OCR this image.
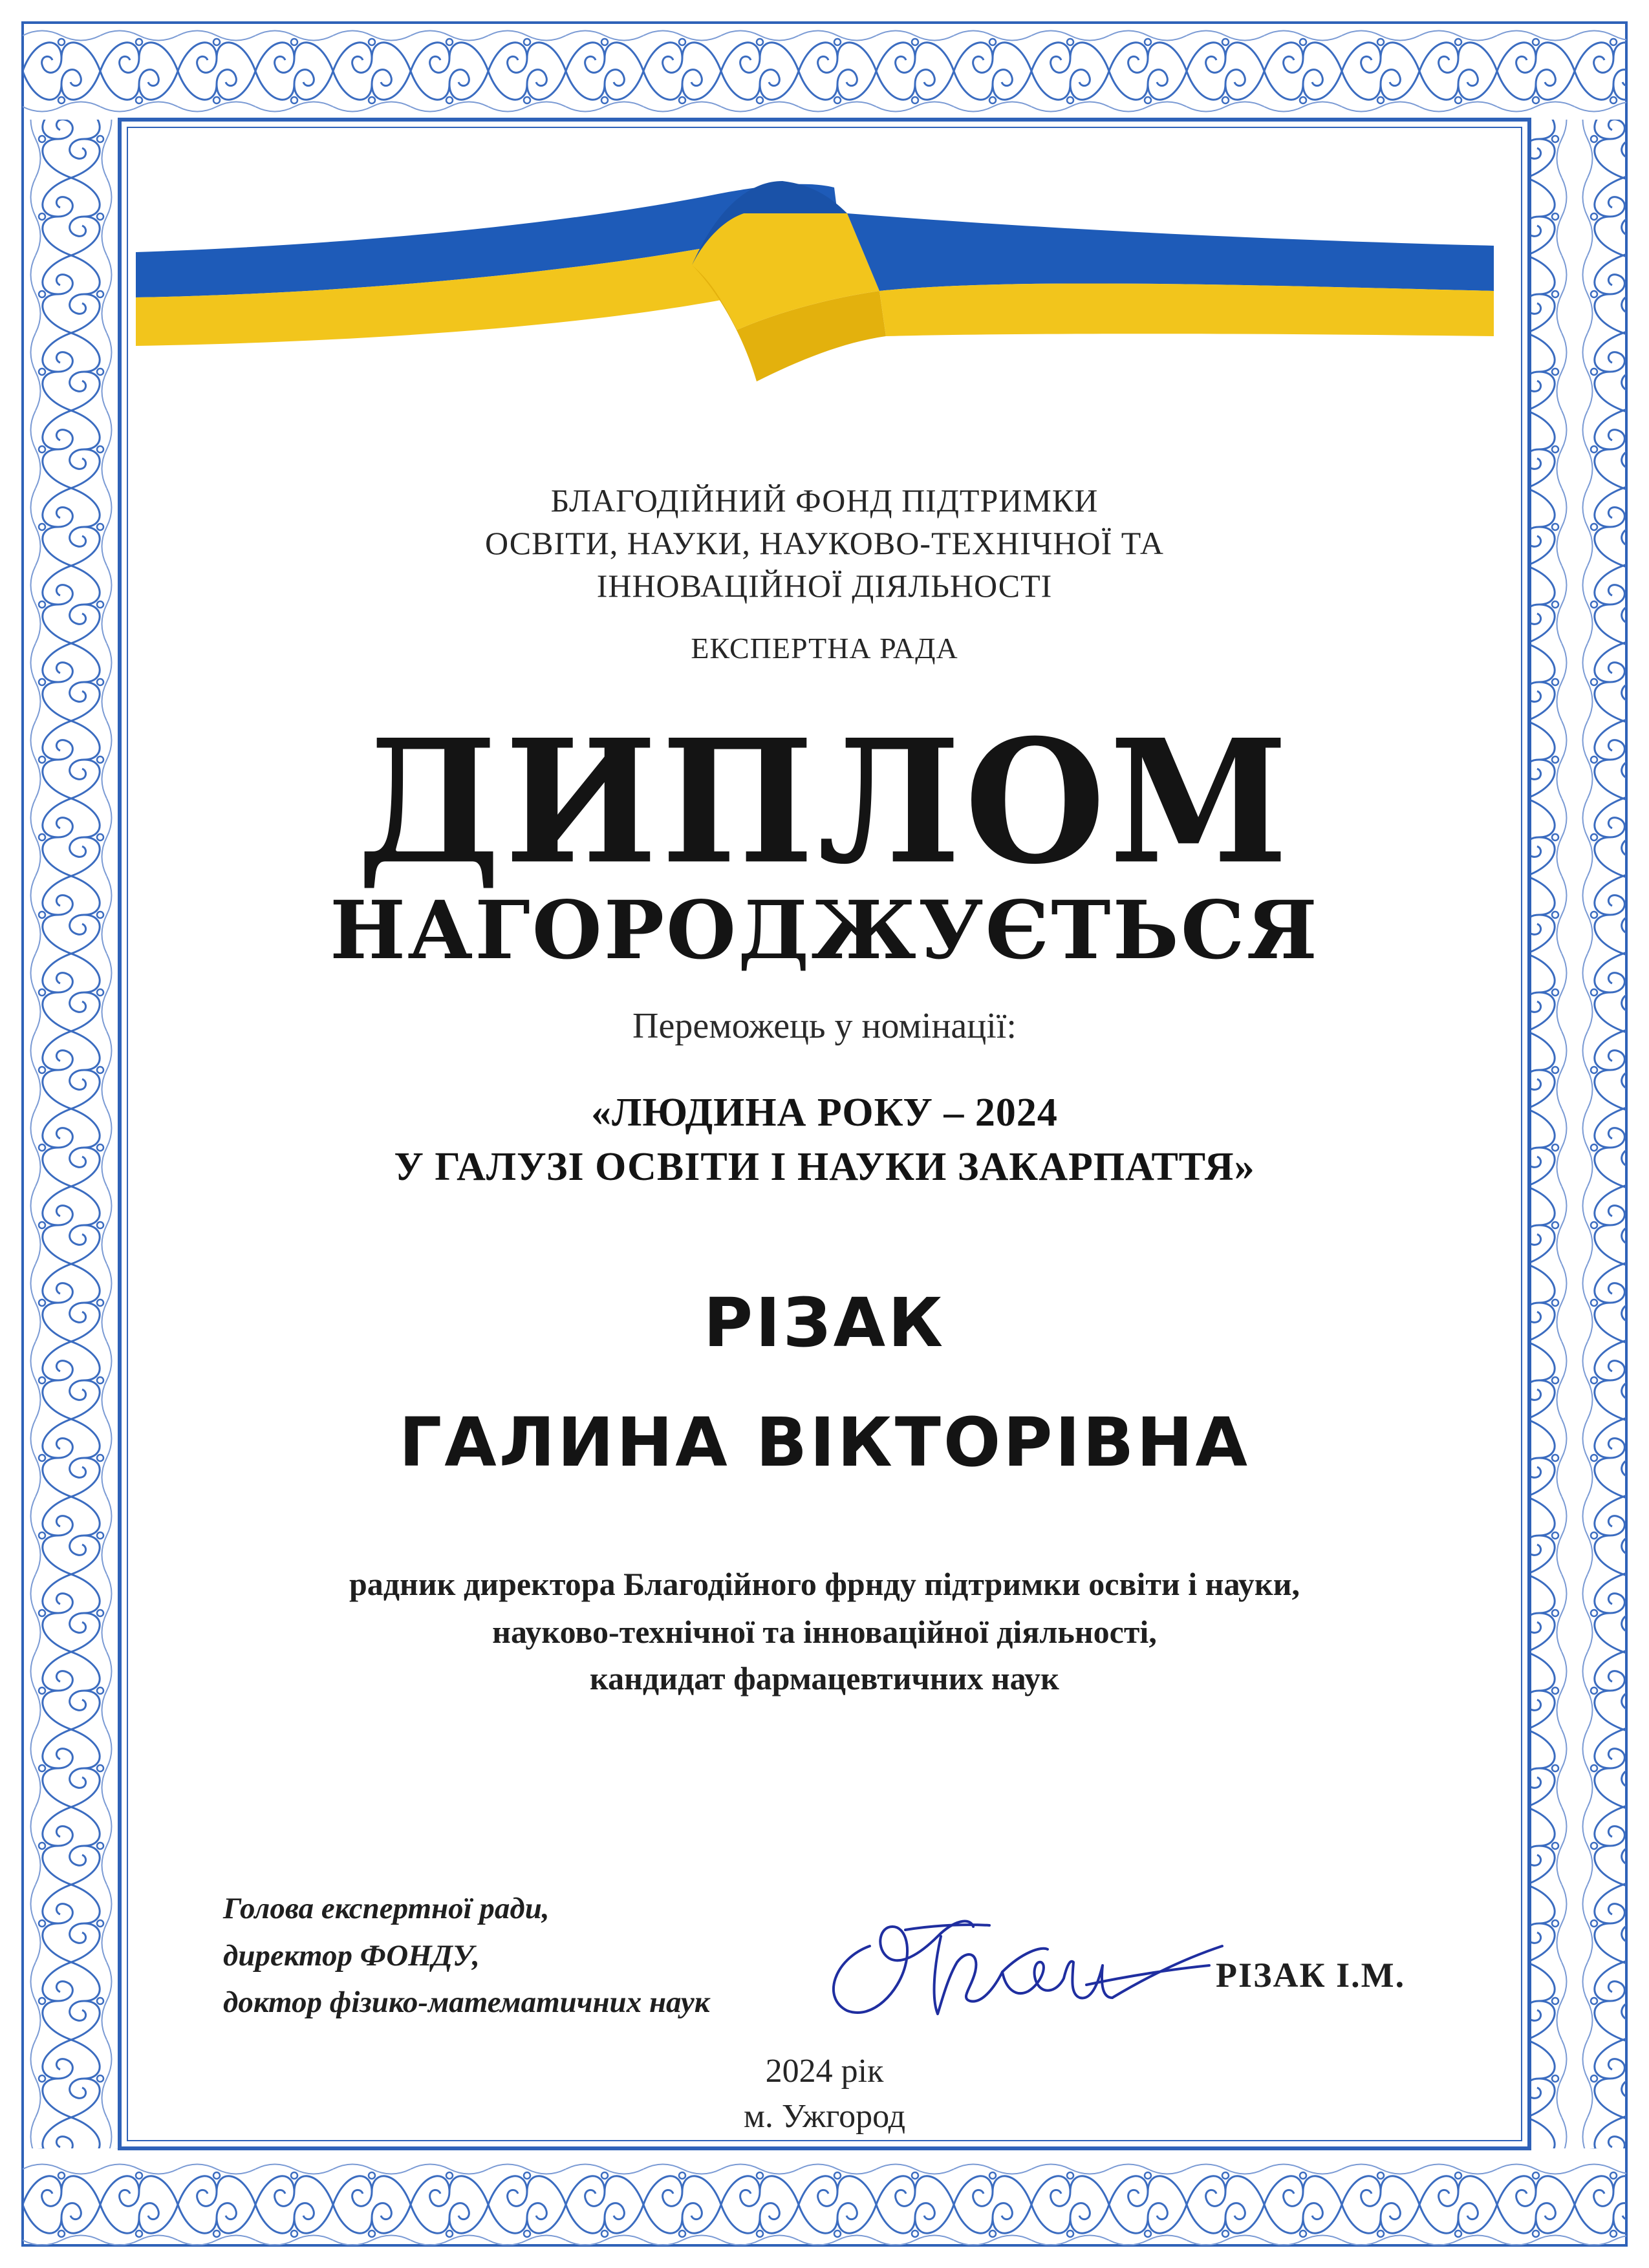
БЛАГОДІЙНИЙ ФОНД ПІДТРИМКИ

ОСВІТИ, НАУКИ, НАУКОВО-ТЕХНІЧНОЇ ТА

ІННОВАЦІЙНОЇ ДІЯЛЬНОСТІ

ЕКСПЕРТНА РАДА

ДИПЛОМ
НАГОРОДЖУЄТЬСЯ

Переможець у номінації:

«ЛЮДИНА РОКУ – 2024

У ГАЛУЗІ ОСВІТИ І НАУКИ ЗАКАРПАТТЯ»

РІЗАК

ГАЛИНА ВІКТОРІВНА

радник директора Благодійного фрнду підтримки освіти і науки,

науково-технічної та інноваційної діяльності,

кандидат фармацевтичних наук

Голова експертної ради,

директор ФОНДУ,

доктор фізико-математичних наук

РІЗАК І.М.

2024 рік

м. Ужгород
